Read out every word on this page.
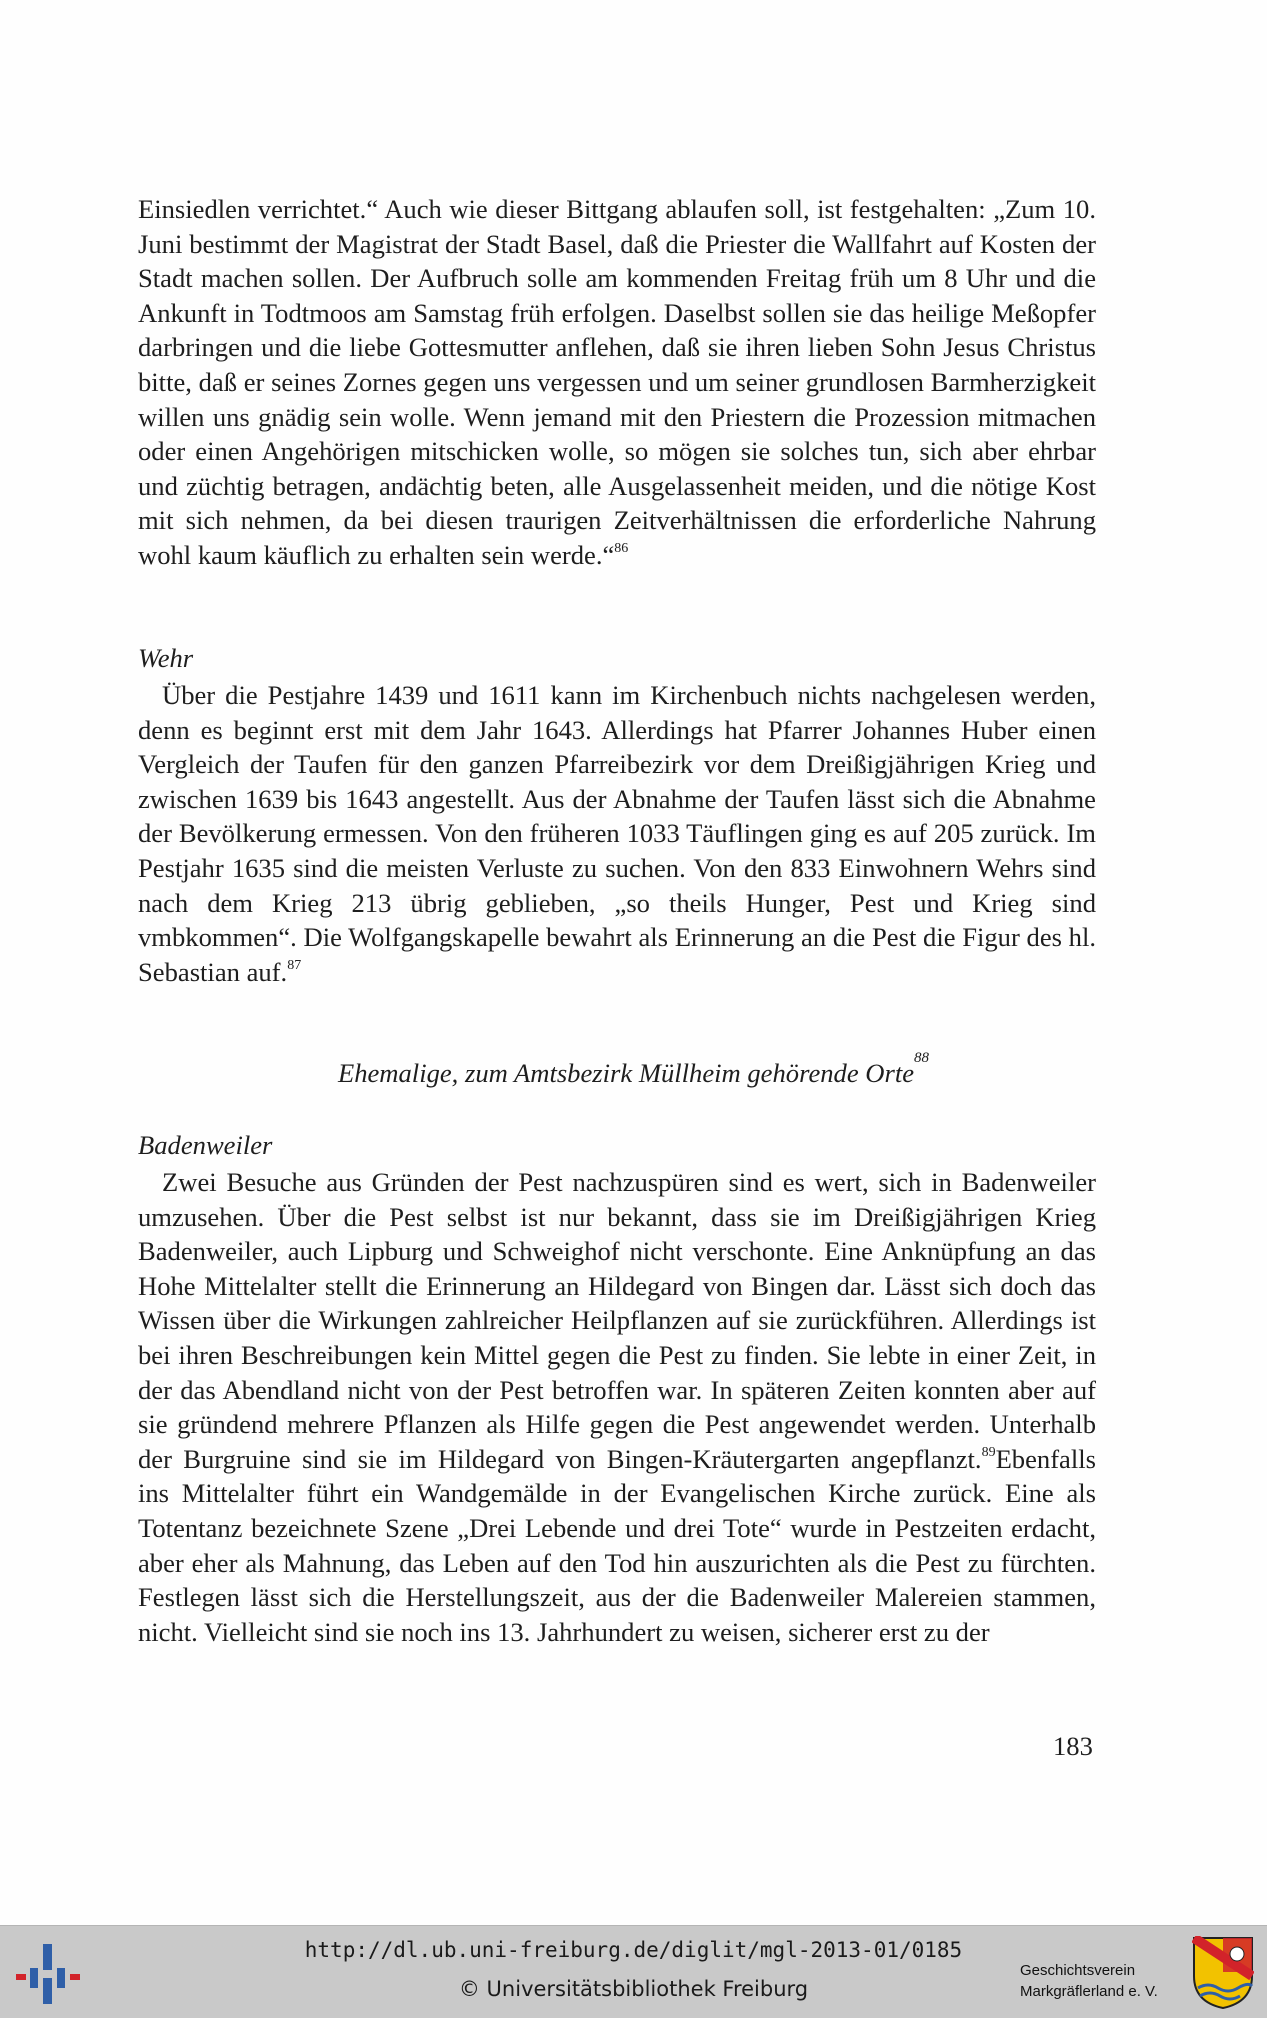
Einsiedlen verrichtet.“ Auch wie dieser Bittgang ablaufen soll, ist festgehalten: „Zum 10. Juni bestimmt der Magistrat der Stadt Basel, daß die Priester die Wallfahrt auf Kosten der Stadt machen sollen. Der Aufbruch solle am kommenden Freitag früh um 8 Uhr und die Ankunft in Todtmoos am Samstag früh erfolgen. Daselbst sollen sie das heilige Meßopfer darbringen und die liebe Gottesmutter anflehen, daß sie ihren lieben Sohn Jesus Christus bitte, daß er seines Zornes gegen uns vergessen und um seiner grundlosen Barmherzigkeit willen uns gnädig sein wolle. Wenn jemand mit den Priestern die Prozession mitmachen oder einen Angehörigen mitschicken wolle, so mögen sie solches tun, sich aber ehrbar und züchtig betragen, andächtig beten, alle Ausgelassenheit meiden, und die nötige Kost mit sich nehmen, da bei diesen traurigen Zeitverhältnissen die erforderliche Nahrung wohl kaum käuflich zu erhalten sein werde.“$^{86}$

Wehr

Über die Pestjahre 1439 und 1611 kann im Kirchenbuch nichts nachgelesen werden, denn es beginnt erst mit dem Jahr 1643. Allerdings hat Pfarrer Johannes Huber einen Vergleich der Taufen für den ganzen Pfarreibezirk vor dem Dreißigjährigen Krieg und zwischen 1639 bis 1643 angestellt. Aus der Abnahme der Taufen lässt sich die Abnahme der Bevölkerung ermessen. Von den früheren 1033 Täuflingen ging es auf 205 zurück. Im Pestjahr 1635 sind die meisten Verluste zu suchen. Von den 833 Einwohnern Wehrs sind nach dem Krieg 213 übrig geblieben, „so theils Hunger, Pest und Krieg sind vmbkommen“. Die Wolfgangskapelle bewahrt als Erinnerung an die Pest die Figur des hl. Sebastian auf.$^{87}$

Ehemalige, zum Amtsbezirk Müllheim gehörende Orte$^{88}$
Badenweiler

Zwei Besuche aus Gründen der Pest nachzuspüren sind es wert, sich in Badenweiler umzusehen. Über die Pest selbst ist nur bekannt, dass sie im Dreißigjährigen Krieg Badenweiler, auch Lipburg und Schweighof nicht verschonte. Eine Anknüpfung an das Hohe Mittelalter stellt die Erinnerung an Hildegard von Bingen dar. Lässt sich doch das Wissen über die Wirkungen zahlreicher Heilpflanzen auf sie zurückführen. Allerdings ist bei ihren Beschreibungen kein Mittel gegen die Pest zu finden. Sie lebte in einer Zeit, in der das Abendland nicht von der Pest betroffen war. In späteren Zeiten konnten aber auf sie gründend mehrere Pflanzen als Hilfe gegen die Pest angewendet werden. Unterhalb der Burgruine sind sie im Hildegard von Bingen-Kräutergarten angepflanzt.$^{89}$Ebenfalls ins Mittelalter führt ein Wandgemälde in der Evangelischen Kirche zurück. Eine als Totentanz bezeichnete Szene „Drei Lebende und drei Tote“ wurde in Pestzeiten erdacht, aber eher als Mahnung, das Leben auf den Tod hin auszurichten als die Pest zu fürchten. Festlegen lässt sich die Herstellungszeit, aus der die Badenweiler Malereien stammen, nicht. Vielleicht sind sie noch ins 13. Jahrhundert zu weisen, sicherer erst zu der

183
http://dl.ub.uni-freiburg.de/diglit/mgl-2013-01/0185
© Universitätsbibliothek Freiburg
Geschichtsverein
Markgräflerland e. V.
